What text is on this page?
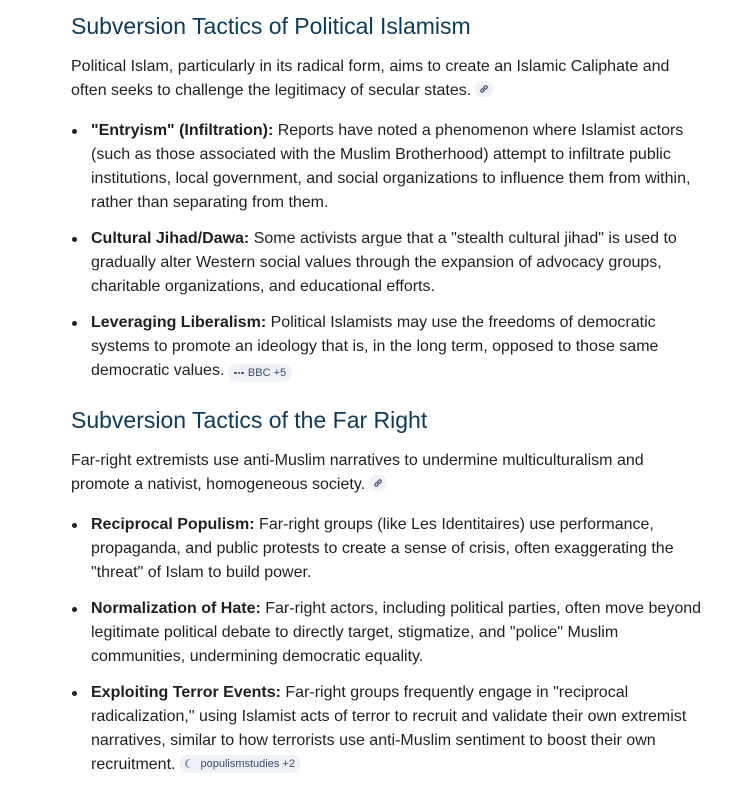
Subversion Tactics of Political Islamism

Political Islam, particularly in its radical form, aims to create an Islamic Caliphate and often seeks to challenge the legitimacy of secular states.

"Entryism" (Infiltration): Reports have noted a phenomenon where Islamist actors (such as those associated with the Muslim Brotherhood) attempt to infiltrate public institutions, local government, and social organizations to influence them from within, rather than separating from them.
Cultural Jihad/Dawa: Some activists argue that a "stealth cultural jihad" is used to gradually alter Western social values through the expansion of advocacy groups, charitable organizations, and educational efforts.
Leveraging Liberalism: Political Islamists may use the freedoms of democratic systems to promote an ideology that is, in the long term, opposed to those same democratic values. BBC +5
Subversion Tactics of the Far Right

Far-right extremists use anti-Muslim narratives to undermine multiculturalism and promote a nativist, homogeneous society.

Reciprocal Populism: Far-right groups (like Les Identitaires) use performance, propaganda, and public protests to create a sense of crisis, often exaggerating the "threat" of Islam to build power.
Normalization of Hate: Far-right actors, including political parties, often move beyond legitimate political debate to directly target, stigmatize, and "police" Muslim communities, undermining democratic equality.
Exploiting Terror Events: Far-right groups frequently engage in "reciprocal radicalization," using Islamist acts of terror to recruit and validate their own extremist narratives, similar to how terrorists use anti-Muslim sentiment to boost their own recruitment. populismstudies +2
